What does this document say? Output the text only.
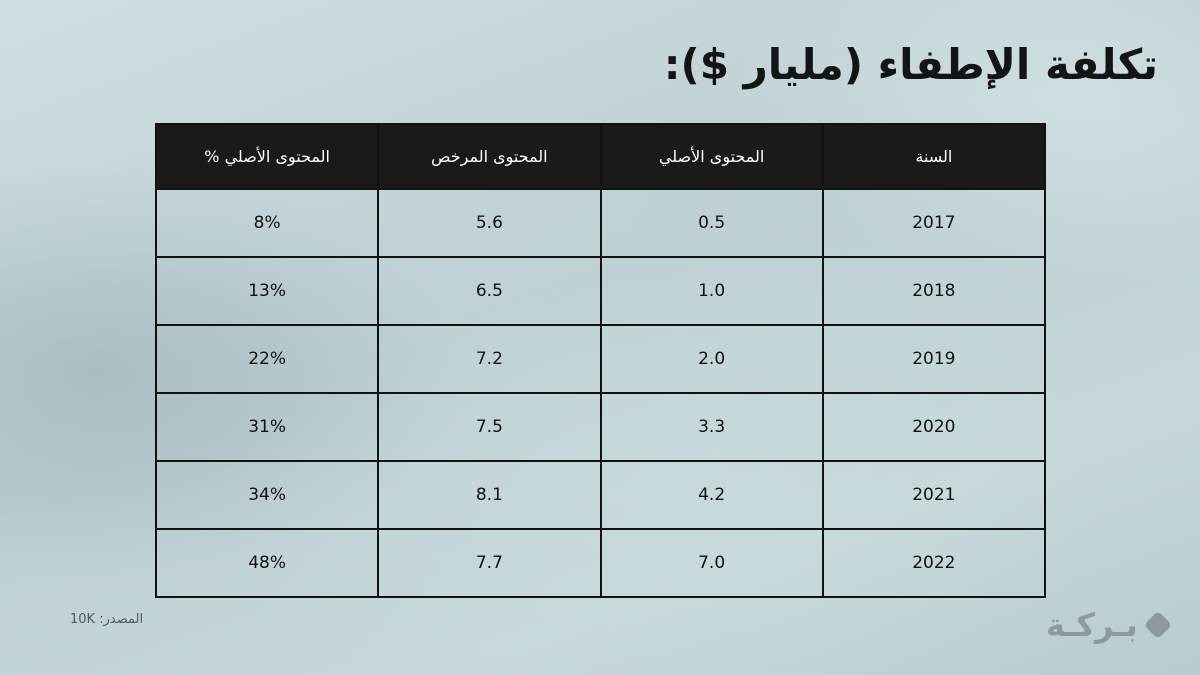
تكلفة الإطفاء (مليار $):
السنة	المحتوى الأصلي	المحتوى المرخص	المحتوى الأصلي %
2017	0.5	5.6	8%
2018	1.0	6.5	13%
2019	2.0	7.2	22%
2020	3.3	7.5	31%
2021	4.2	8.1	34%
2022	7.0	7.7	48%
المصدر: 10K	بـركـة
